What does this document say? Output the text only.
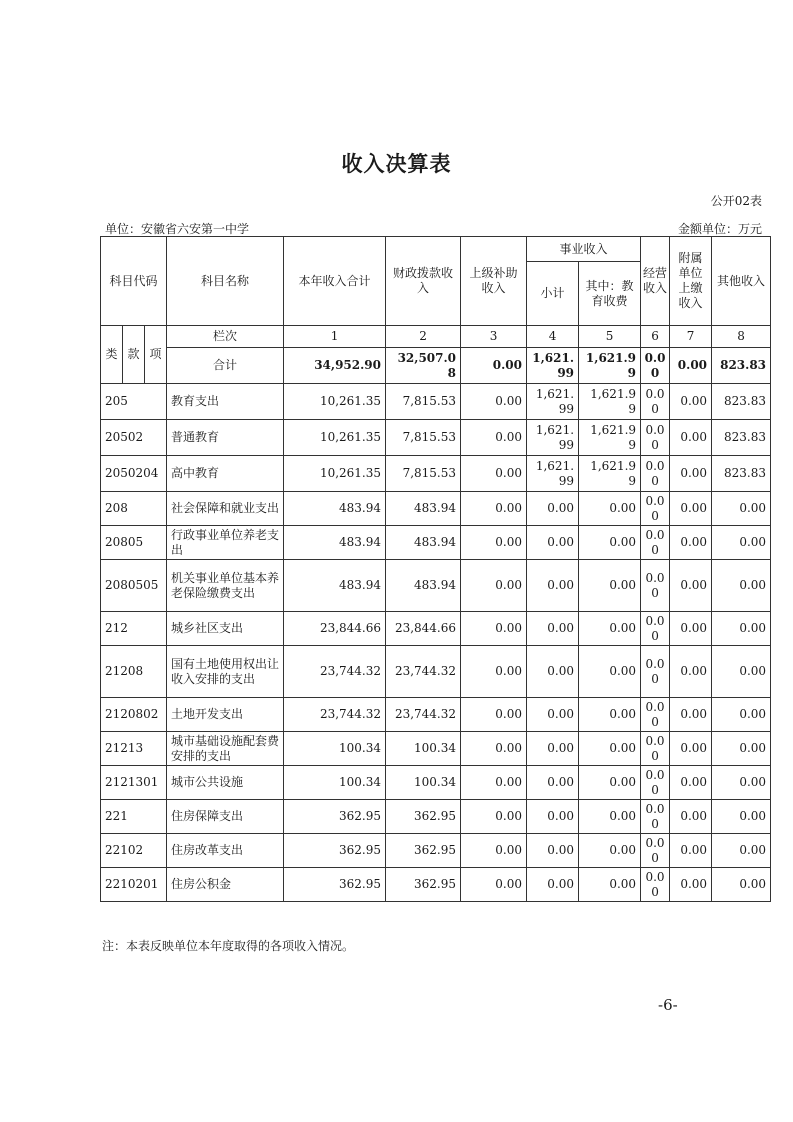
收入决算表
公开02表
单位：安徽省六安第一中学	金额单位：万元
科目代码			科目名称	本年收入合计	财政拨款收入	上级补助收入	事业收入		经营收入	附属单位上缴收入	其他收入
							小计	其中：教育收费			
类	款	项	栏次	1	2	3	4	5	6	7	8
			合计	34,952.90	32,507.08	0.00	1,621.99	1,621.99	0.00	0.00	823.83
205			教育支出	10,261.35	7,815.53	0.00	1,621.99	1,621.99	0.00	0.00	823.83
20502			普通教育	10,261.35	7,815.53	0.00	1,621.99	1,621.99	0.00	0.00	823.83
2050204			高中教育	10,261.35	7,815.53	0.00	1,621.99	1,621.99	0.00	0.00	823.83
208			社会保障和就业支出	483.94	483.94	0.00	0.00	0.00	0.00	0.00	0.00
20805			行政事业单位养老支出	483.94	483.94	0.00	0.00	0.00	0.00	0.00	0.00
2080505			机关事业单位基本养老保险缴费支出	483.94	483.94	0.00	0.00	0.00	0.00	0.00	0.00
212			城乡社区支出	23,844.66	23,844.66	0.00	0.00	0.00	0.00	0.00	0.00
21208			国有土地使用权出让收入安排的支出	23,744.32	23,744.32	0.00	0.00	0.00	0.00	0.00	0.00
2120802			土地开发支出	23,744.32	23,744.32	0.00	0.00	0.00	0.00	0.00	0.00
21213			城市基础设施配套费安排的支出	100.34	100.34	0.00	0.00	0.00	0.00	0.00	0.00
2121301			城市公共设施	100.34	100.34	0.00	0.00	0.00	0.00	0.00	0.00
221			住房保障支出	362.95	362.95	0.00	0.00	0.00	0.00	0.00	0.00
22102			住房改革支出	362.95	362.95	0.00	0.00	0.00	0.00	0.00	0.00
2210201			住房公积金	362.95	362.95	0.00	0.00	0.00	0.00	0.00	0.00
注：本表反映单位本年度取得的各项收入情况。
-6-
